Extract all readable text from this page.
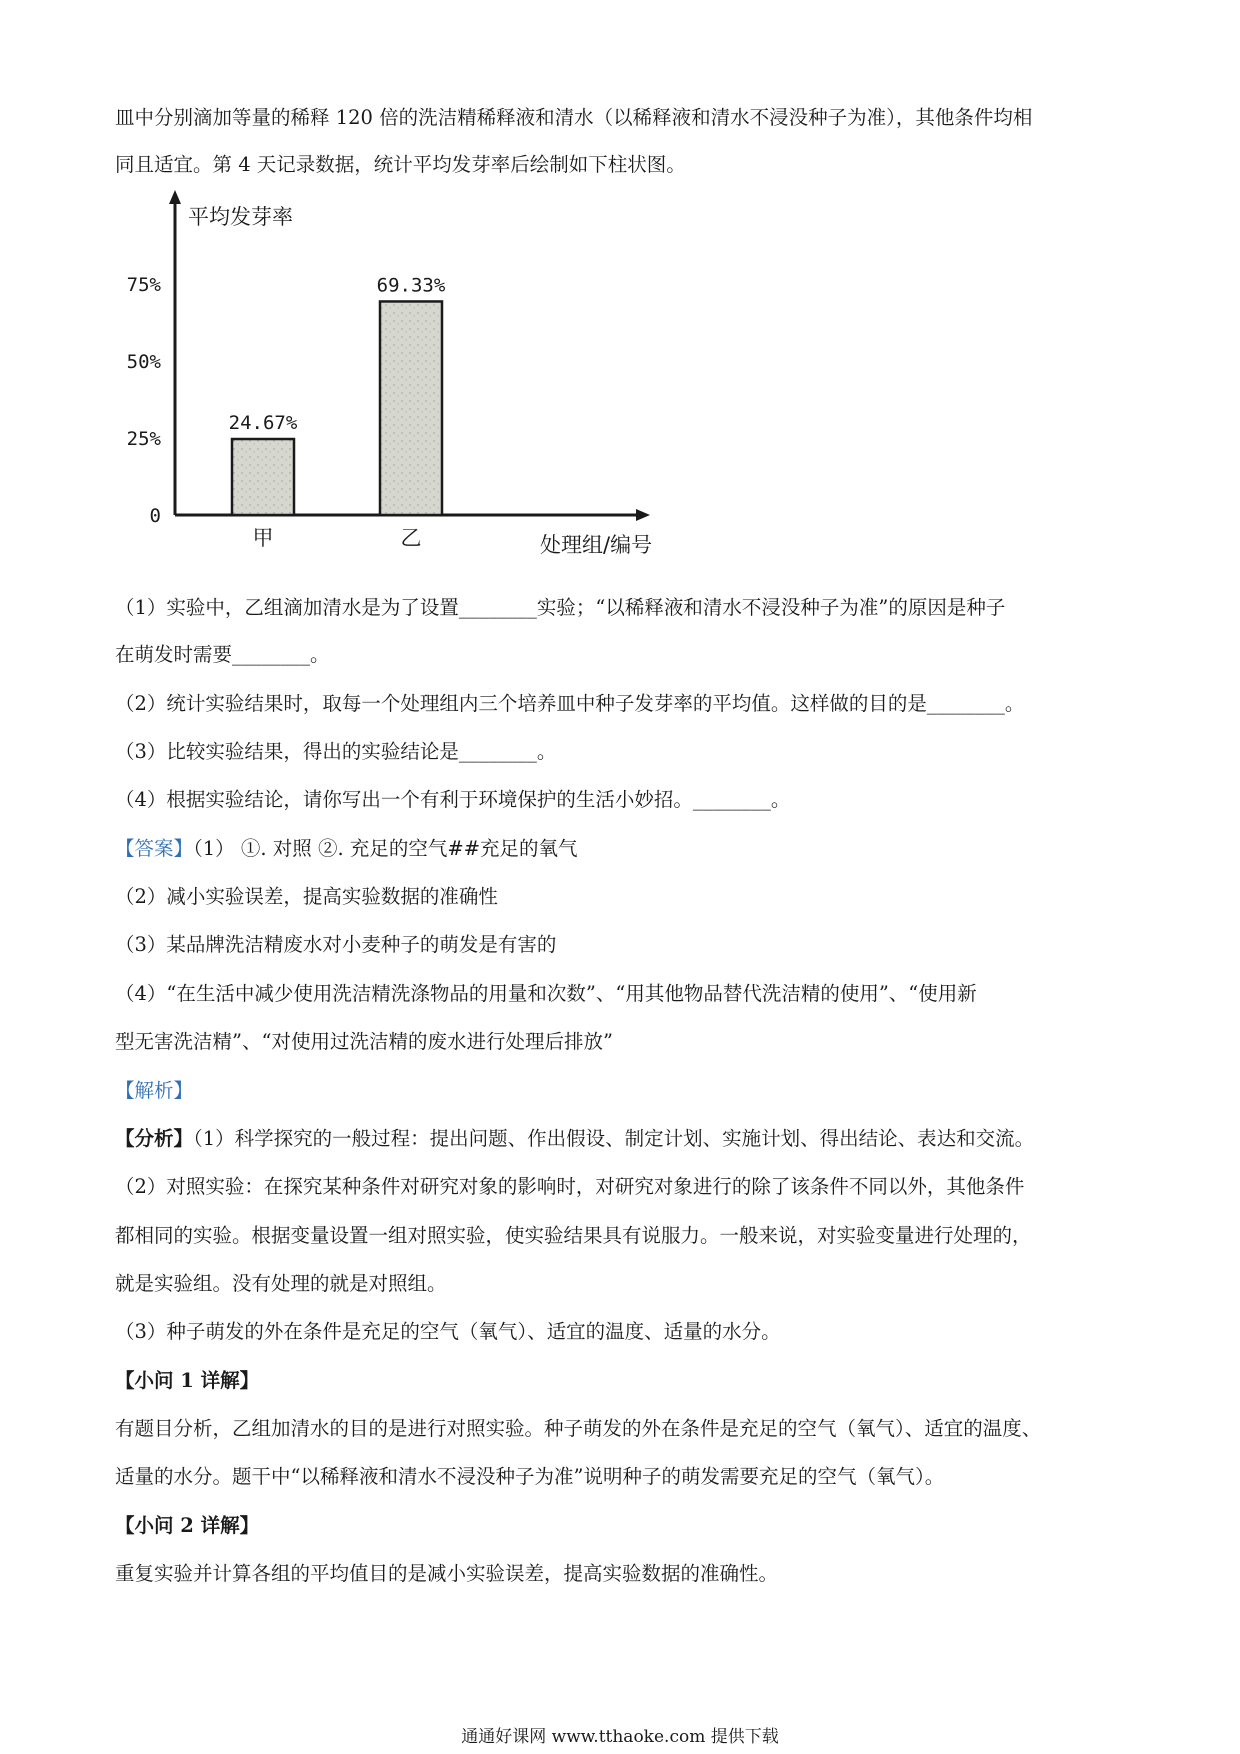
皿中分别滴加等量的稀释 120 倍的洗洁精稀释液和清水（以稀释液和清水不浸没种子为准），其他条件均相
同且适宜。第 4 天记录数据，统计平均发芽率后绘制如下柱状图。
0
25%
50%
75%
24.67%
甲
69.33%
乙
平均发芽率
处理组/编号
（1）实验中，乙组滴加清水是为了设置________实验；“以稀释液和清水不浸没种子为准”的原因是种子
在萌发时需要________。
（2）统计实验结果时，取每一个处理组内三个培养皿中种子发芽率的平均值。这样做的目的是________。
（3）比较实验结果，得出的实验结论是________。
（4）根据实验结论，请你写出一个有利于环境保护的生活小妙招。________。
【答案】（1） ①. 对照 ②. 充足的空气##充足的氧气
（2）减小实验误差，提高实验数据的准确性
（3）某品牌洗洁精废水对小麦种子的萌发是有害的
（4）“在生活中减少使用洗洁精洗涤物品的用量和次数”、“用其他物品替代洗洁精的使用”、“使用新
型无害洗洁精”、“对使用过洗洁精的废水进行处理后排放”
【解析】
【分析】（1）科学探究的一般过程：提出问题、作出假设、制定计划、实施计划、得出结论、表达和交流。
（2）对照实验：在探究某种条件对研究对象的影响时，对研究对象进行的除了该条件不同以外，其他条件
都相同的实验。根据变量设置一组对照实验，使实验结果具有说服力。一般来说，对实验变量进行处理的，
就是实验组。没有处理的就是对照组。
（3）种子萌发的外在条件是充足的空气（氧气）、适宜的温度、适量的水分。
【小问 1 详解】
有题目分析，乙组加清水的目的是进行对照实验。种子萌发的外在条件是充足的空气（氧气）、适宜的温度、
适量的水分。题干中“以稀释液和清水不浸没种子为准”说明种子的萌发需要充足的空气（氧气）。
【小问 2 详解】
重复实验并计算各组的平均值目的是减小实验误差，提高实验数据的准确性。
通通好课网 www.tthaoke.com 提供下载
